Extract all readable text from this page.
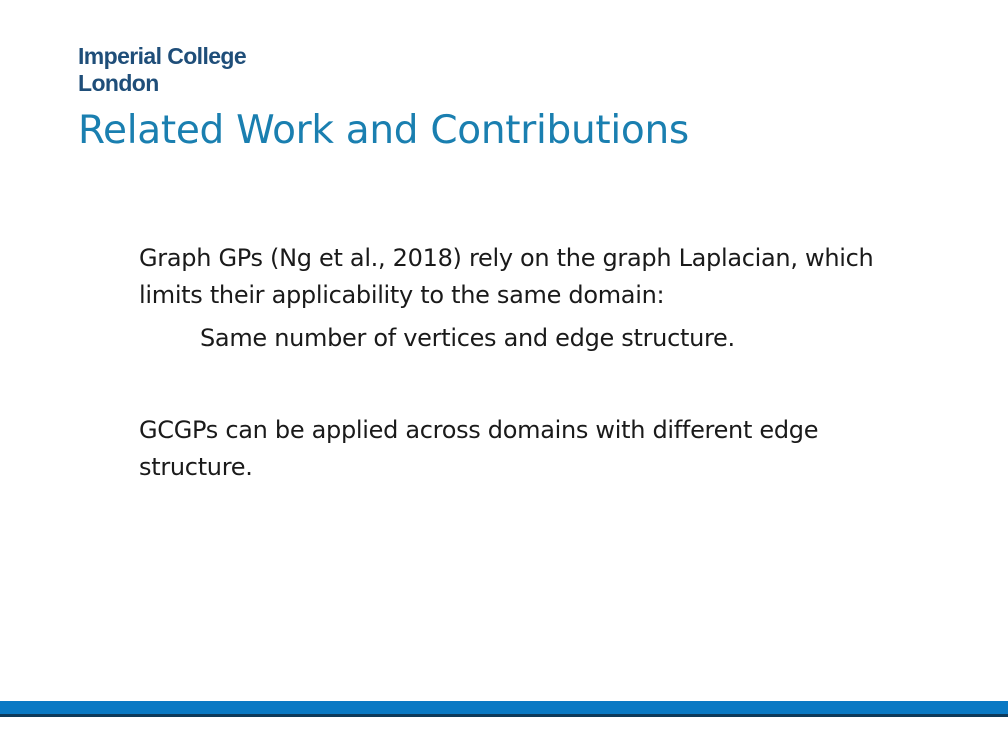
Imperial College
London
Related Work and Contributions

Graph GPs (Ng et al., 2018) rely on the graph Laplacian, which limits their applicability to the same domain:

Same number of vertices and edge structure.

GCGPs can be applied across domains with different edge structure.
